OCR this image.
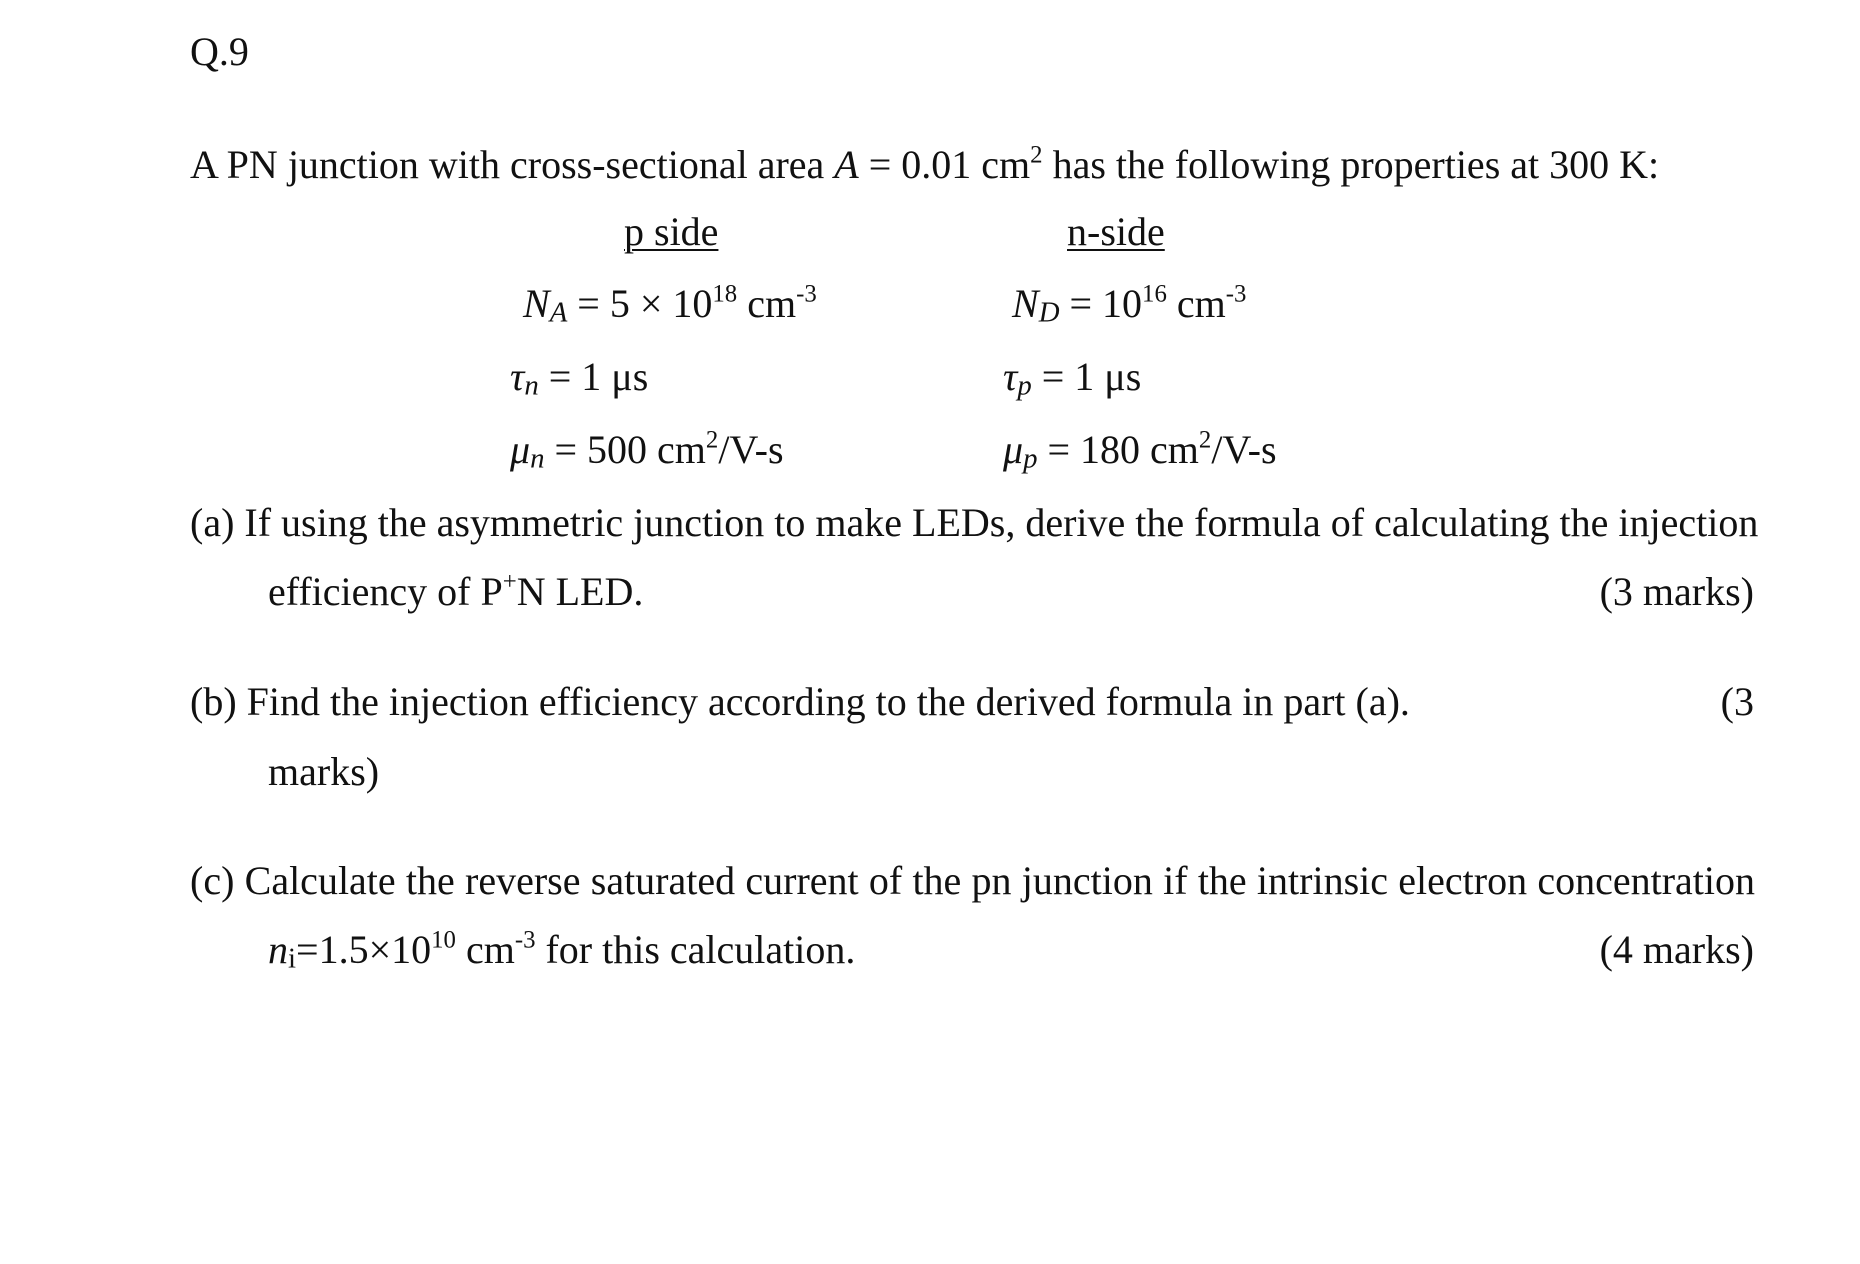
Q.9
A PN junction with cross-sectional area A = 0.01 $cm^2$ has the following properties at 300 K:
p side	n-side
$N_A = 5 \times 10^{18}$ $cm^{-3}$	$N_D = 10^{16}$ $cm^{-3}$
$\tau_n = 1$ μs	$\tau_p = 1$ μs
$\mu_n = 500$ $cm^2/V-s$	$\mu_p = 180$ $cm^2/V-s$
(a) If using the asymmetric junction to make LEDs, derive the formula of calculating the injection
efficiency of P+N LED.	(3 marks)
(b) Find the injection efficiency according to the derived formula in part (a).	(3
marks)
(c) Calculate the reverse saturated current of the pn junction if the intrinsic electron concentration
$n_i=1.5\times 10^{10}$ $cm^{-3}$ for this calculation.	(4 marks)
